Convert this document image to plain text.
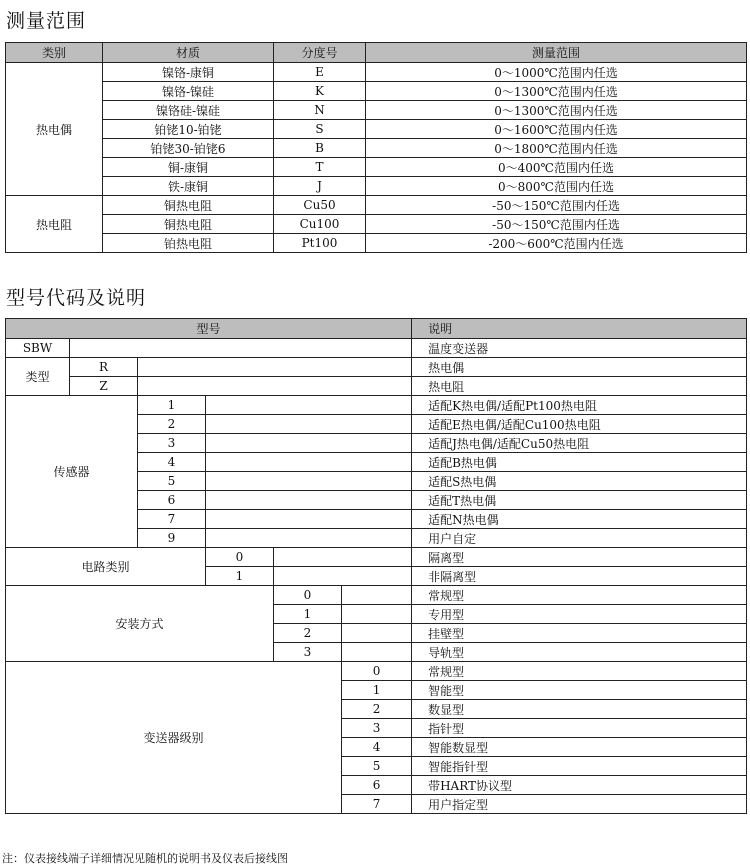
测量范围
类别	材质	分度号	测量范围
热电偶	镍铬-康铜	E	0～1000℃范围内任选
	镍铬-镍硅	K	0～1300℃范围内任选
	镍铬硅-镍硅	N	0～1300℃范围内任选
	铂铑10-铂铑	S	0～1600℃范围内任选
	铂铑30-铂铑6	B	0～1800℃范围内任选
	铜-康铜	T	0～400℃范围内任选
	铁-康铜	J	0～800℃范围内任选
热电阻	铜热电阻	Cu50	-50～150℃范围内任选
	铜热电阻	Cu100	-50～150℃范围内任选
	铂热电阻	Pt100	-200～600℃范围内任选
型号代码及说明
型号						说明
SBW						温度变送器
类型	R					热电偶
	Z					热电阻
传感器		1				适配K热电偶/适配Pt100热电阻
		2				适配E热电偶/适配Cu100热电阻
		3				适配J热电偶/适配Cu50热电阻
		4				适配B热电偶
		5				适配S热电偶
		6				适配T热电偶
		7				适配N热电偶
		9				用户自定
电路类别			0			隔离型
			1			非隔离型
安装方式				0		常规型
				1		专用型
				2		挂壁型
				3		导轨型
变送器级别					0	常规型
					1	智能型
					2	数显型
					3	指针型
					4	智能数显型
					5	智能指针型
					6	带HART协议型
					7	用户指定型

注：仪表接线端子详细情况见随机的说明书及仪表后接线图
